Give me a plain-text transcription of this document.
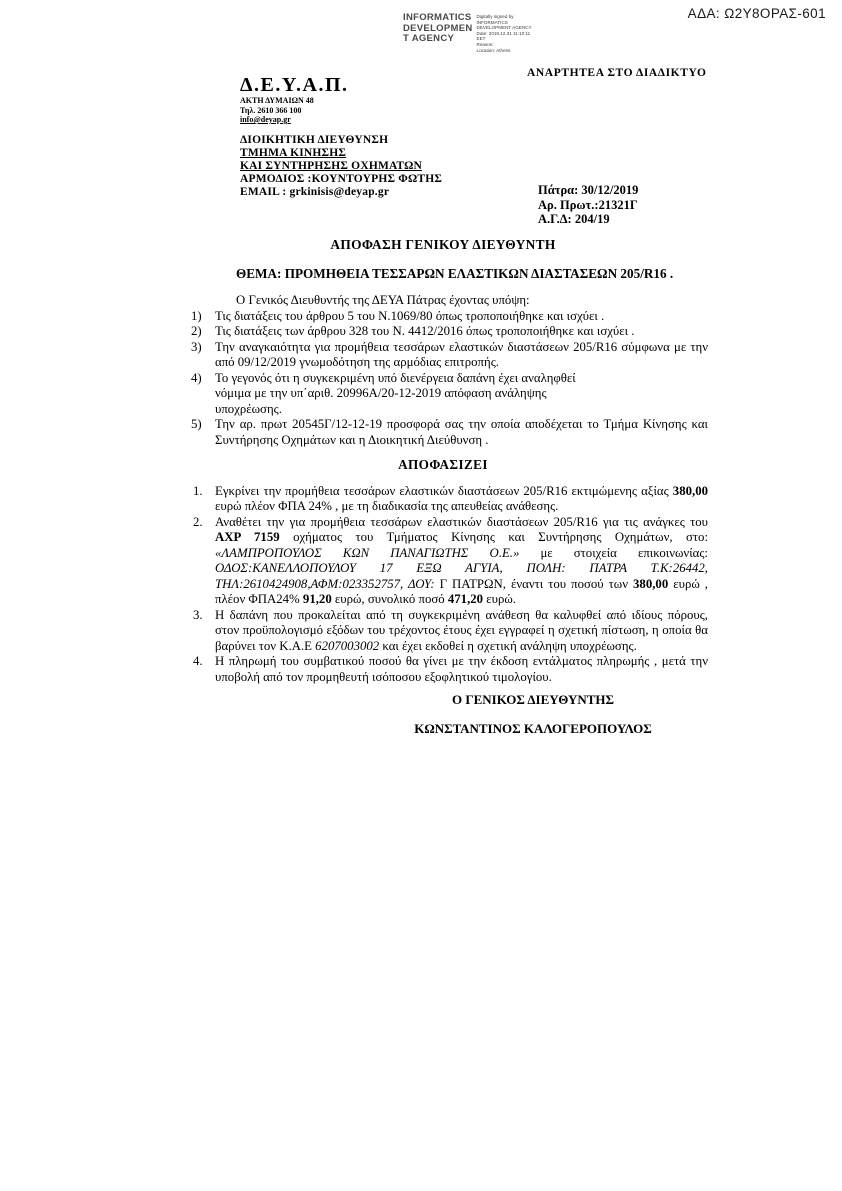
ΑΔΑ: Ω2Υ8ΟΡΑΣ-601
INFORMATICS
DEVELOPMEN
T AGENCY
Digitally signed by
INFORMATICS
DEVELOPMENT AGENCY
Date: 2019.12.31 11:10:11
EET
Reason:
Location: Athens
ΑΝΑΡΤΗΤΕΑ ΣΤΟ ΔΙΑΔΙΚΤΥΟ
Δ.Ε.Υ.Α.Π.
ΑΚΤΗ ΔΥΜΑΙΩΝ 48
Τηλ. 2610 366 100
info@deyap.gr
ΔΙΟΙΚΗΤΙΚΗ ΔΙΕΥΘΥΝΣΗ
ΤΜΗΜΑ ΚΙΝΗΣΗΣ
ΚΑΙ ΣΥΝΤΗΡΗΣΗΣ ΟΧΗΜΑΤΩΝ
ΑΡΜΟΔΙΟΣ :ΚΟΥΝΤΟΥΡΗΣ ΦΩΤΗΣ
EMAIL : grkinisis@deyap.gr	Πάτρα: 30/12/2019
Αρ. Πρωτ.:21321Γ
Α.Γ.Δ: 204/19
ΑΠΟΦΑΣΗ ΓΕΝΙΚΟΥ ΔΙΕΥΘΥΝΤΗ
ΘΕΜΑ: ΠΡΟΜΗΘΕΙΑ ΤΕΣΣΑΡΩΝ ΕΛΑΣΤΙΚΩΝ ΔΙΑΣΤΑΣΕΩΝ 205/R16 .
Ο Γενικός Διευθυντής της ΔΕΥΑ Πάτρας έχοντας υπόψη:
Τις διατάξεις του άρθρου 5 του Ν.1069/80 όπως τροποποιήθηκε και ισχύει .
Τις διατάξεις των άρθρου 328 του Ν. 4412/2016 όπως τροποποιήθηκε και ισχύει .
Την αναγκαιότητα για προμήθεια τεσσάρων ελαστικών διαστάσεων 205/R16 σύμφωνα με την από 09/12/2019 γνωμοδότηση της αρμόδιας επιτροπής.
Το γεγονός ότι η συγκεκριμένη υπό διενέργεια δαπάνη έχει αναληφθεί
νόμιμα με την υπ΄αριθ. 20996Α/20-12-2019 απόφαση ανάληψης
υποχρέωσης.
Την αρ. πρωτ 20545Γ/12-12-19 προσφορά σας την οποία αποδέχεται το Τμήμα Κίνησης και Συντήρησης Οχημάτων και η Διοικητική Διεύθυνση .
ΑΠΟΦΑΣΙΖΕΙ
Εγκρίνει την προμήθεια τεσσάρων ελαστικών διαστάσεων 205/R16 εκτιμώμενης αξίας 380,00 ευρώ πλέον ΦΠΑ 24% , με τη διαδικασία της απευθείας ανάθεσης.
Αναθέτει την για προμήθεια τεσσάρων ελαστικών διαστάσεων 205/R16 για τις ανάγκες του ΑΧΡ 7159 οχήματος του Τμήματος Κίνησης και Συντήρησης Οχημάτων, στο: «ΛΑΜΠΡΟΠΟΥΛΟΣ ΚΩΝ ΠΑΝΑΓΙΩΤΗΣ Ο.Ε.» με στοιχεία επικοινωνίας: ΟΔΟΣ:ΚΑΝΕΛΛΟΠΟΥΛΟΥ 17 ΕΞΩ ΑΓΥΙΑ, ΠΟΛΗ: ΠΑΤΡΑ Τ.Κ:26442, ΤΗΛ:2610424908,ΑΦΜ:023352757, ΔΟΥ: Γ ΠΑΤΡΩΝ, έναντι του ποσού των 380,00 ευρώ , πλέον ΦΠΑ24% 91,20 ευρώ, συνολικό ποσό 471,20 ευρώ.
Η δαπάνη που προκαλείται από τη συγκεκριμένη ανάθεση θα καλυφθεί από ιδίους πόρους, στον προϋπολογισμό εξόδων του τρέχοντος έτους έχει εγγραφεί η σχετική πίστωση, η οποία θα βαρύνει τον Κ.Α.Ε 6207003002 και έχει εκδοθεί η σχετική ανάληψη υποχρέωσης.
Η πληρωμή του συμβατικού ποσού θα γίνει με την έκδοση εντάλματος πληρωμής , μετά την υποβολή από τον προμηθευτή ισόποσου εξοφλητικού τιμολογίου.
Ο ΓΕΝΙΚΟΣ ΔΙΕΥΘΥΝΤΗΣ
ΚΩΝΣΤΑΝΤΙΝΟΣ ΚΑΛΟΓΕΡΟΠΟΥΛΟΣ
